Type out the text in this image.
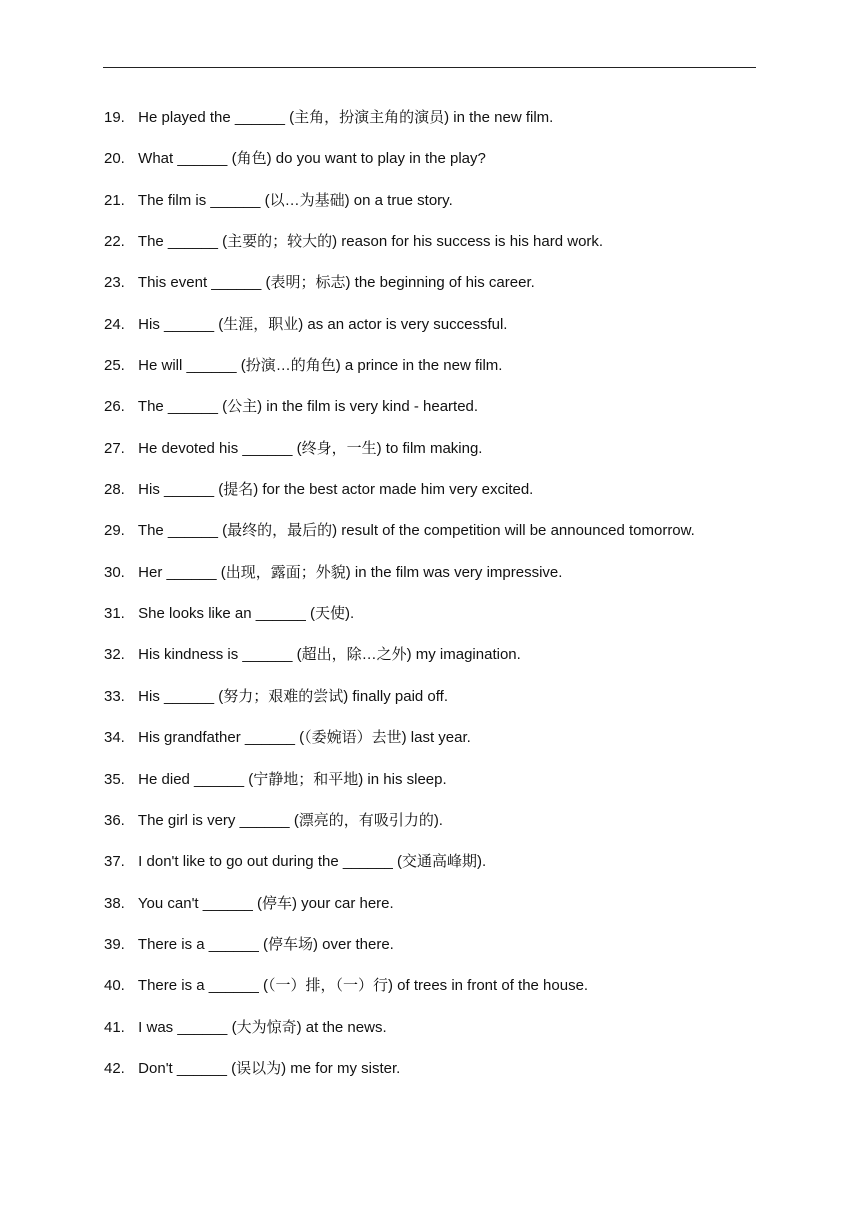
19. He played the ______ (主角，扮演主角的演员) in the new film.
20. What ______ (角色) do you want to play in the play?
21. The film is ______ (以…为基础) on a true story.
22. The ______ (主要的；较大的) reason for his success is his hard work.
23. This event ______ (表明；标志) the beginning of his career.
24. His ______ (生涯，职业) as an actor is very successful.
25. He will ______ (扮演…的角色) a prince in the new film.
26. The ______ (公主) in the film is very kind - hearted.
27. He devoted his ______ (终身，一生) to film making.
28. His ______ (提名) for the best actor made him very excited.
29. The ______ (最终的，最后的) result of the competition will be announced tomorrow.
30. Her ______ (出现，露面；外貌) in the film was very impressive.
31. She looks like an ______ (天使).
32. His kindness is ______ (超出，除…之外) my imagination.
33. His ______ (努力；艰难的尝试) finally paid off.
34. His grandfather ______ (（委婉语）去世) last year.
35. He died ______ (宁静地；和平地) in his sleep.
36. The girl is very ______ (漂亮的，有吸引力的).
37. I don't like to go out during the ______ (交通高峰期).
38. You can't ______ (停车) your car here.
39. There is a ______ (停车场) over there.
40. There is a ______ (（一）排，（一）行) of trees in front of the house.
41. I was ______ (大为惊奇) at the news.
42. Don't ______ (误以为) me for my sister.
